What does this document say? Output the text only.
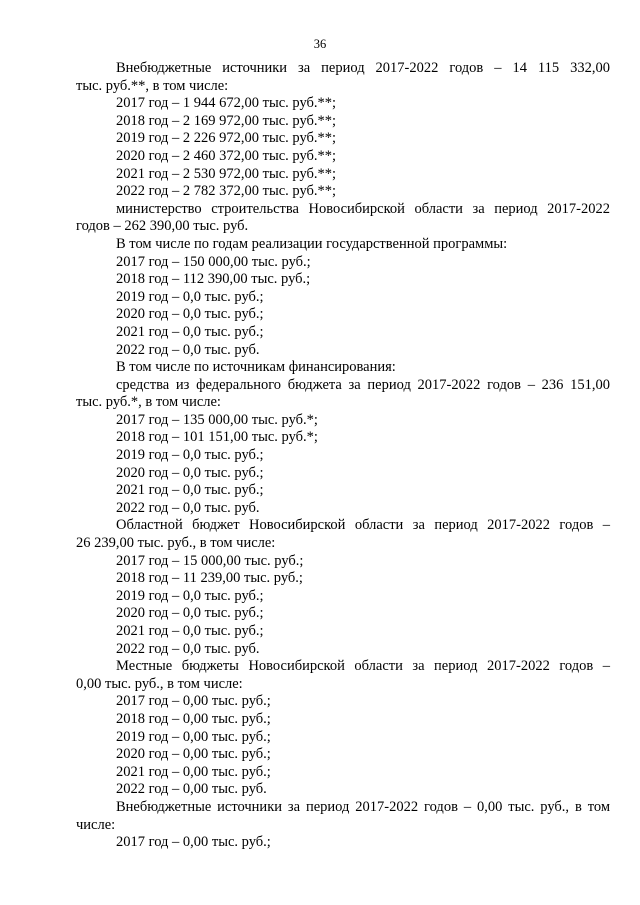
36
Внебюджетные источники за период 2017-2022 годов – 14 115 332,00
тыс. руб.**, в том числе:
2017 год – 1 944 672,00 тыс. руб.**;
2018 год – 2 169 972,00 тыс. руб.**;
2019 год – 2 226 972,00 тыс. руб.**;
2020 год – 2 460 372,00 тыс. руб.**;
2021 год – 2 530 972,00 тыс. руб.**;
2022 год – 2 782 372,00 тыс. руб.**;
министерство строительства Новосибирской области за период 2017-2022
годов – 262 390,00 тыс. руб.
В том числе по годам реализации государственной программы:
2017 год – 150 000,00 тыс. руб.;
2018 год – 112 390,00 тыс. руб.;
2019 год – 0,0 тыс. руб.;
2020 год – 0,0 тыс. руб.;
2021 год – 0,0 тыс. руб.;
2022 год – 0,0 тыс. руб.
В том числе по источникам финансирования:
средства из федерального бюджета за период 2017-2022 годов – 236 151,00
тыс. руб.*, в том числе:
2017 год – 135 000,00 тыс. руб.*;
2018 год – 101 151,00 тыс. руб.*;
2019 год – 0,0 тыс. руб.;
2020 год – 0,0 тыс. руб.;
2021 год – 0,0 тыс. руб.;
2022 год – 0,0 тыс. руб.
Областной бюджет Новосибирской области за период 2017-2022 годов –
26 239,00 тыс. руб., в том числе:
2017 год – 15 000,00 тыс. руб.;
2018 год – 11 239,00 тыс. руб.;
2019 год – 0,0 тыс. руб.;
2020 год – 0,0 тыс. руб.;
2021 год – 0,0 тыс. руб.;
2022 год – 0,0 тыс. руб.
Местные бюджеты Новосибирской области за период 2017-2022 годов –
0,00 тыс. руб., в том числе:
2017 год – 0,00 тыс. руб.;
2018 год – 0,00 тыс. руб.;
2019 год – 0,00 тыс. руб.;
2020 год – 0,00 тыс. руб.;
2021 год – 0,00 тыс. руб.;
2022 год – 0,00 тыс. руб.
Внебюджетные источники за период 2017-2022 годов – 0,00 тыс. руб., в том
числе:
2017 год – 0,00 тыс. руб.;
